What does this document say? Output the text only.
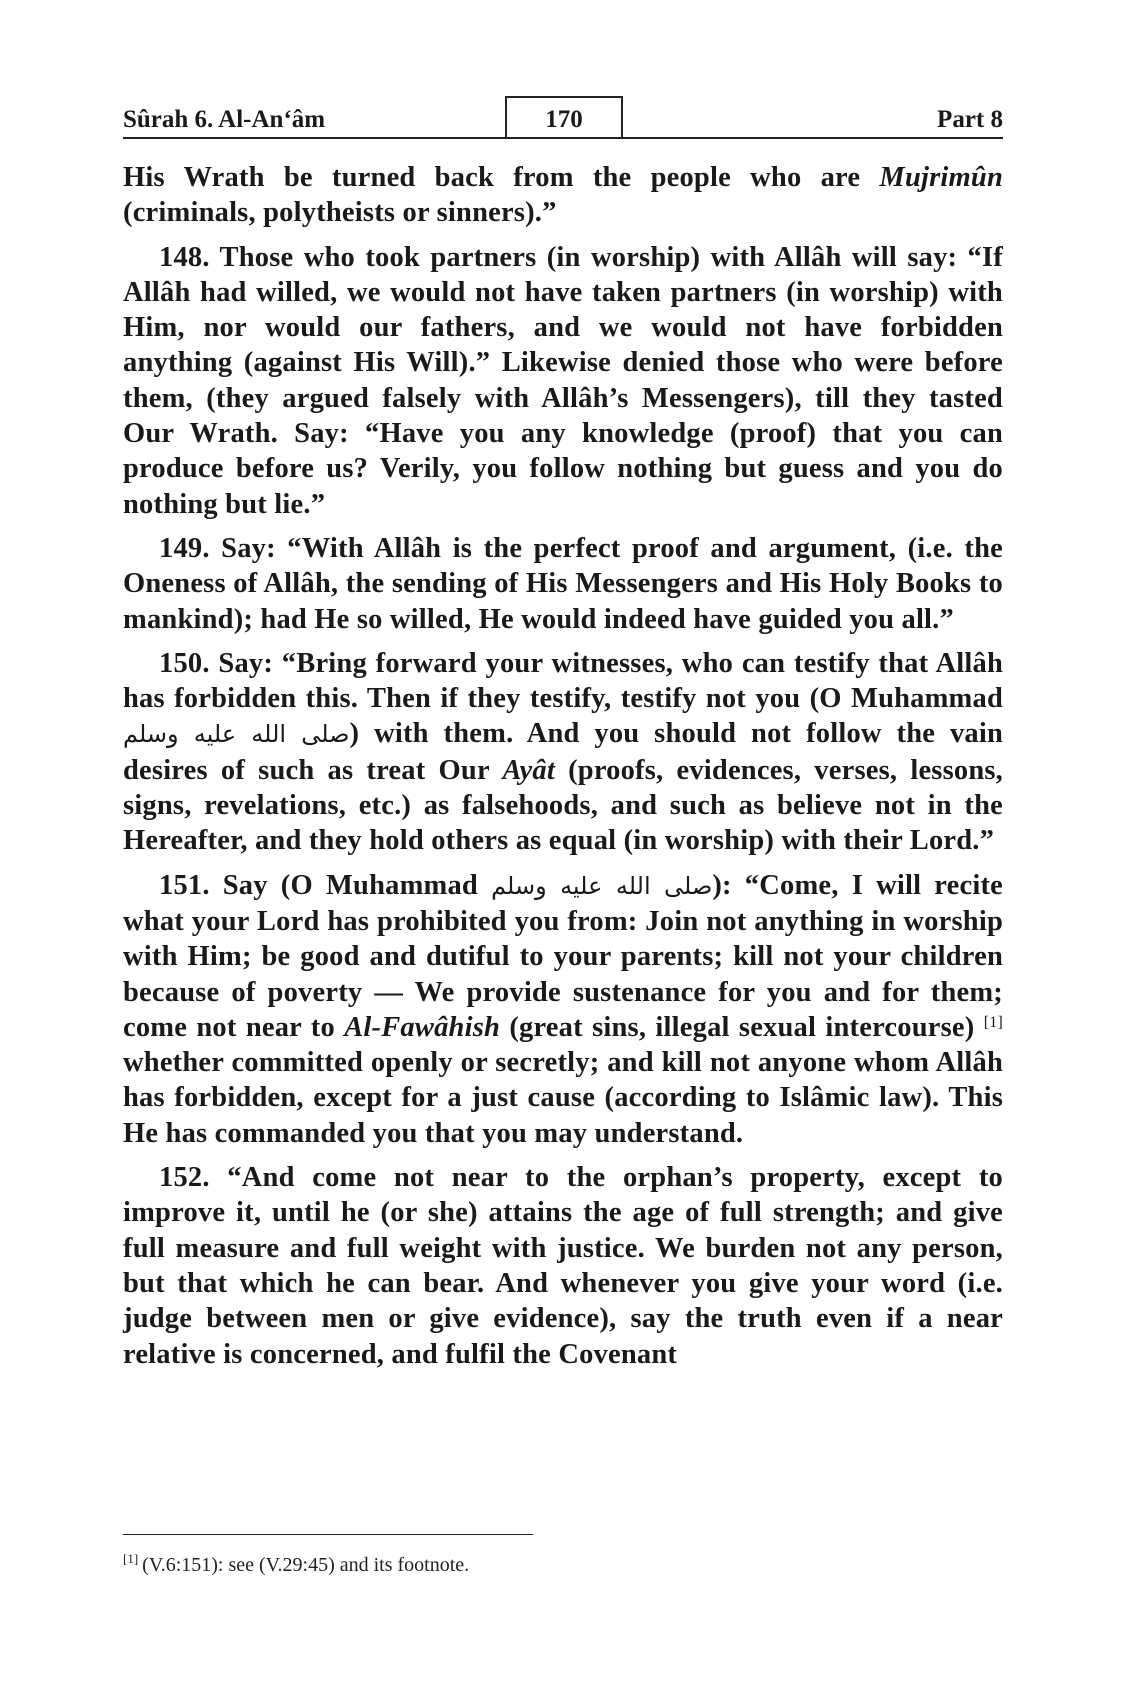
Sûrah 6. Al-An‘âm	170	Part 8

His Wrath be turned back from the people who are Mujrimûn (criminals, polytheists or sinners).”

148. Those who took partners (in worship) with Allâh will say: “If Allâh had willed, we would not have taken partners (in worship) with Him, nor would our fathers, and we would not have forbidden anything (against His Will).” Likewise denied those who were before them, (they argued falsely with Allâh’s Messengers), till they tasted Our Wrath. Say: “Have you any knowledge (proof) that you can produce before us? Verily, you follow nothing but guess and you do nothing but lie.”

149. Say: “With Allâh is the perfect proof and argument, (i.e. the Oneness of Allâh, the sending of His Messengers and His Holy Books to mankind); had He so willed, He would indeed have guided you all.”

150. Say: “Bring forward your witnesses, who can testify that Allâh has forbidden this. Then if they testify, testify not you (O Muhammad صلى الله عليه وسلم) with them. And you should not follow the vain desires of such as treat Our Ayât (proofs, evidences, verses, lessons, signs, revelations, etc.) as falsehoods, and such as believe not in the Hereafter, and they hold others as equal (in worship) with their Lord.”

151. Say (O Muhammad صلى الله عليه وسلم): “Come, I will recite what your Lord has prohibited you from: Join not anything in worship with Him; be good and dutiful to your parents; kill not your children because of poverty — We provide sustenance for you and for them; come not near to Al-Fawâhish (great sins, illegal sexual intercourse) [1] whether committed openly or secretly; and kill not anyone whom Allâh has forbidden, except for a just cause (according to Islâmic law). This He has commanded you that you may understand.

152. “And come not near to the orphan’s property, except to improve it, until he (or she) attains the age of full strength; and give full measure and full weight with justice. We burden not any person, but that which he can bear. And whenever you give your word (i.e. judge between men or give evidence), say the truth even if a near relative is concerned, and fulfil the Covenant

[1] (V.6:151): see (V.29:45) and its footnote.
